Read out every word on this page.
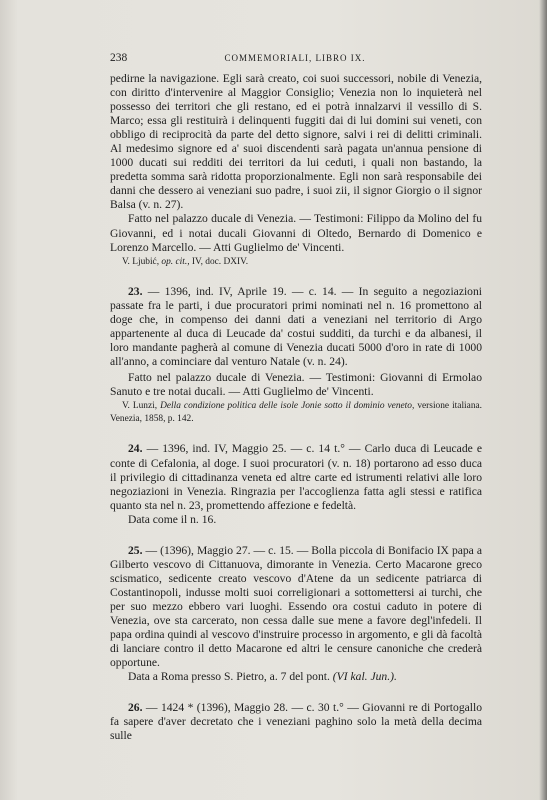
238	COMMEMORIALI, LIBRO IX.

pedirne la navigazione. Egli sarà creato, coi suoi successori, nobile di Venezia, con diritto d'intervenire al Maggior Consiglio; Venezia non lo inquieterà nel possesso dei territori che gli restano, ed ei potrà innalzarvi il vessillo di S. Marco; essa gli restituirà i delinquenti fuggiti dai di lui domini sui veneti, con obbligo di reciprocità da parte del detto signore, salvi i rei di delitti criminali. Al medesimo signore ed a' suoi discendenti sarà pagata un'annua pensione di 1000 ducati sui redditi dei territori da lui ceduti, i quali non bastando, la predetta somma sarà ridotta proporzionalmente. Egli non sarà responsabile dei danni che dessero ai veneziani suo padre, i suoi zii, il signor Giorgio o il signor Balsa (v. n. 27).

Fatto nel palazzo ducale di Venezia. — Testimoni: Filippo da Molino del fu Giovanni, ed i notai ducali Giovanni di Oltedo, Bernardo di Domenico e Lorenzo Marcello. — Atti Guglielmo de' Vincenti.

V. Ljubić, op. cit., IV, doc. DXIV.

23. — 1396, ind. IV, Aprile 19. — c. 14. — In seguito a negoziazioni passate fra le parti, i due procuratori primi nominati nel n. 16 promettono al doge che, in compenso dei danni dati a veneziani nel territorio di Argo appartenente al duca di Leucade da' costui sudditi, da turchi e da albanesi, il loro mandante pagherà al comune di Venezia ducati 5000 d'oro in rate di 1000 all'anno, a cominciare dal venturo Natale (v. n. 24).

Fatto nel palazzo ducale di Venezia. — Testimoni: Giovanni di Ermolao Sanuto e tre notai ducali. — Atti Guglielmo de' Vincenti.

V. Lunzi, Della condizione politica delle isole Jonie sotto il dominio veneto, versione italiana. Venezia, 1858, p. 142.

24. — 1396, ind. IV, Maggio 25. — c. 14 t.° — Carlo duca di Leucade e conte di Cefalonia, al doge. I suoi procuratori (v. n. 18) portarono ad esso duca il privilegio di cittadinanza veneta ed altre carte ed istrumenti relativi alle loro negoziazioni in Venezia. Ringrazia per l'accoglienza fatta agli stessi e ratifica quanto sta nel n. 23, promettendo affezione e fedeltà.

Data come il n. 16.

25. — (1396), Maggio 27. — c. 15. — Bolla piccola di Bonifacio IX papa a Gilberto vescovo di Cittanuova, dimorante in Venezia. Certo Macarone greco scismatico, sedicente creato vescovo d'Atene da un sedicente patriarca di Costantinopoli, indusse molti suoi correligionari a sottomettersi ai turchi, che per suo mezzo ebbero vari luoghi. Essendo ora costui caduto in potere di Venezia, ove sta carcerato, non cessa dalle sue mene a favore degl'infedeli. Il papa ordina quindi al vescovo d'instruire processo in argomento, e gli dà facoltà di lanciare contro il detto Macarone ed altri le censure canoniche che crederà opportune.

Data a Roma presso S. Pietro, a. 7 del pont. (VI kal. Jun.).

26. — 1424 * (1396), Maggio 28. — c. 30 t.° — Giovanni re di Portogallo fa sapere d'aver decretato che i veneziani paghino solo la metà della decima sulle
